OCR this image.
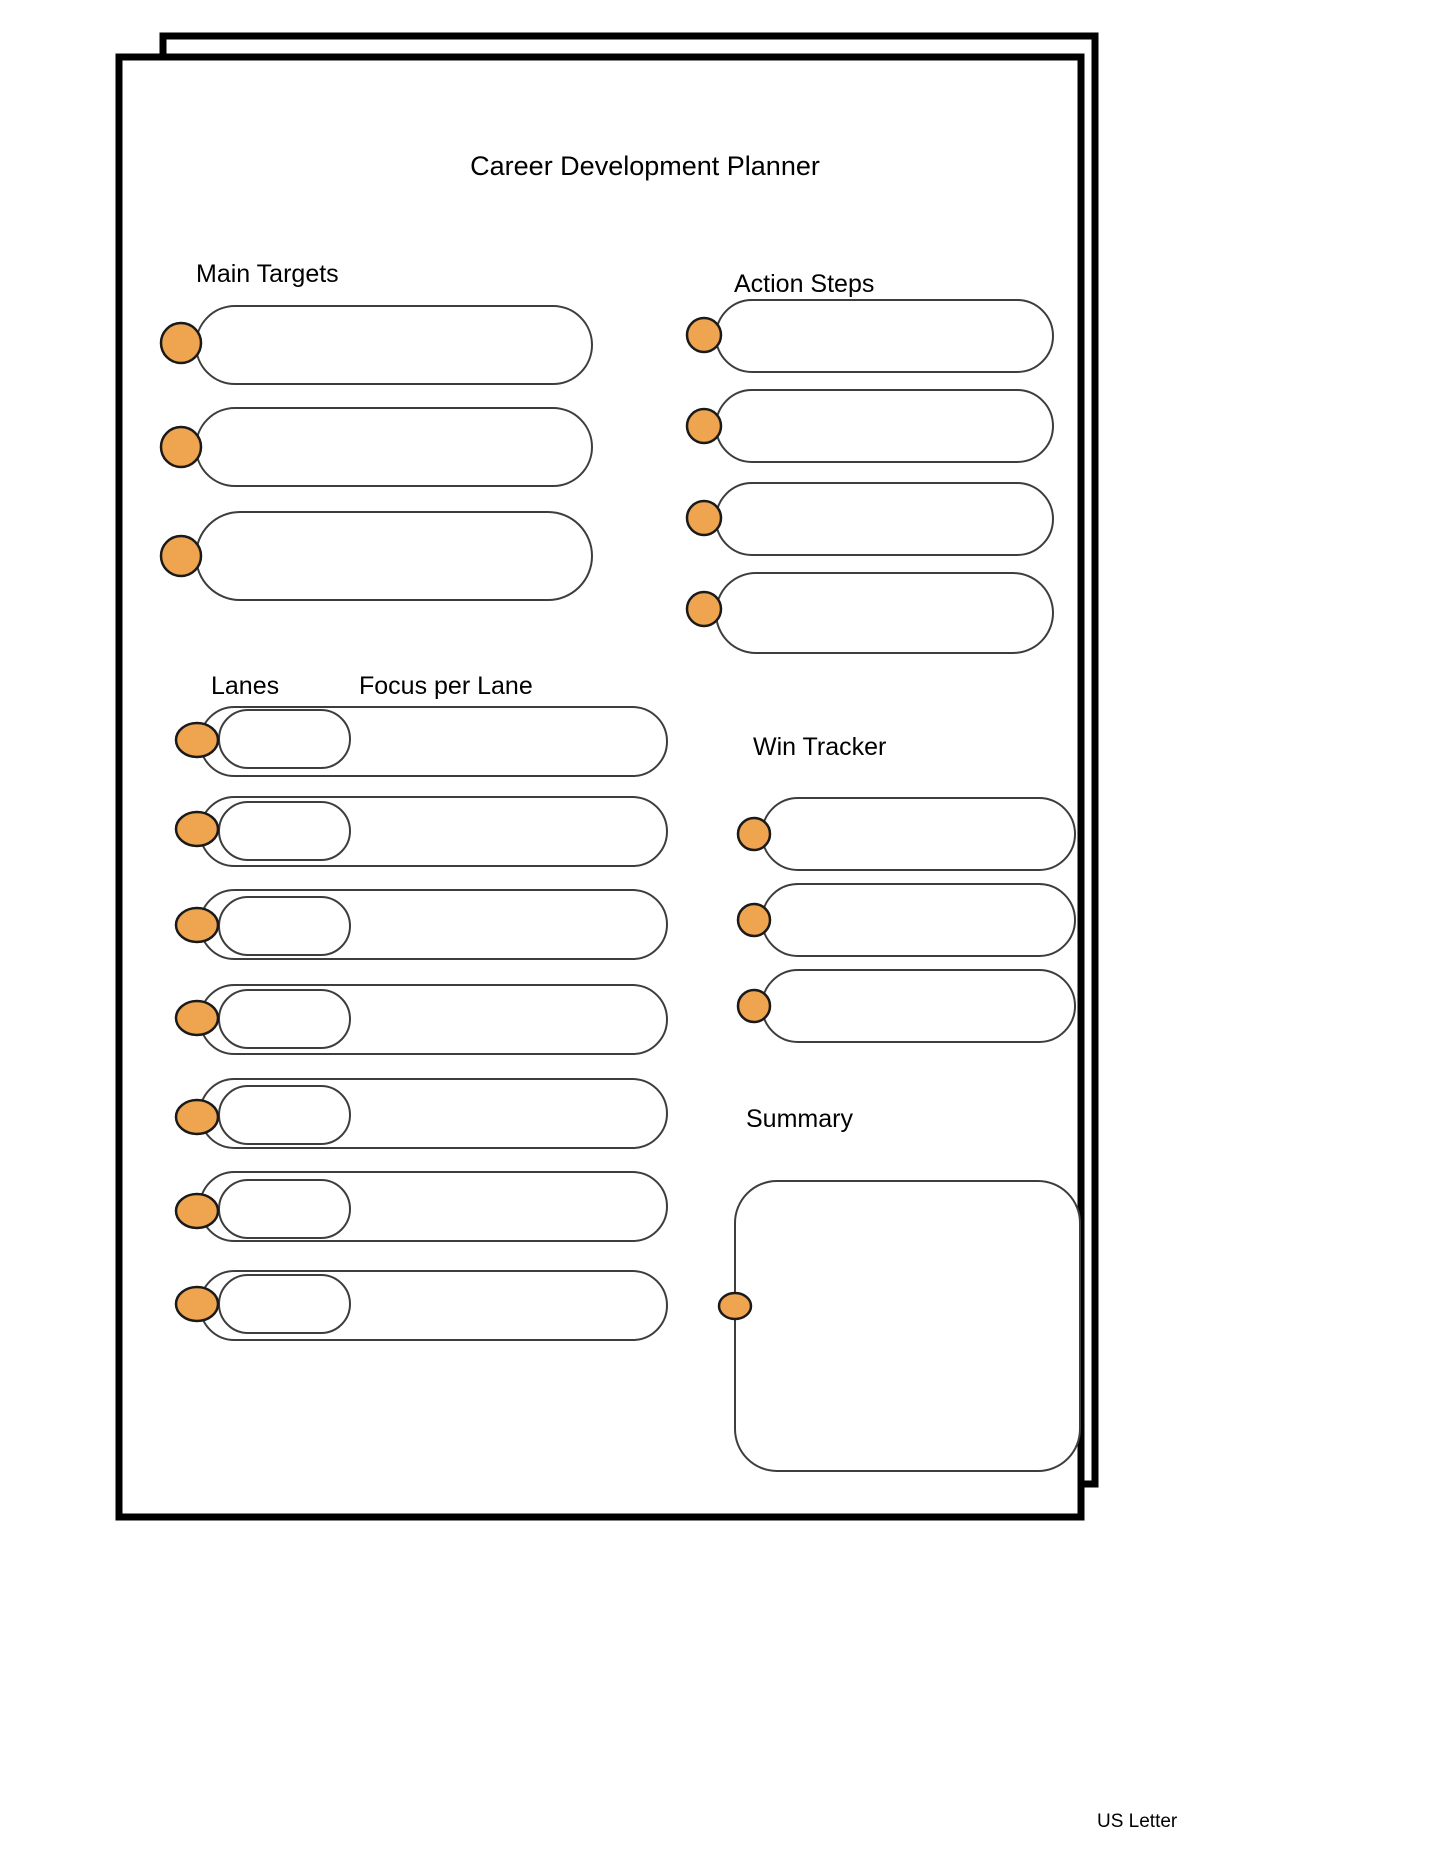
Career Development Planner
Main Targets	Action Steps
Lanes	Focus per Lane
Win Tracker
Summary
US Letter
